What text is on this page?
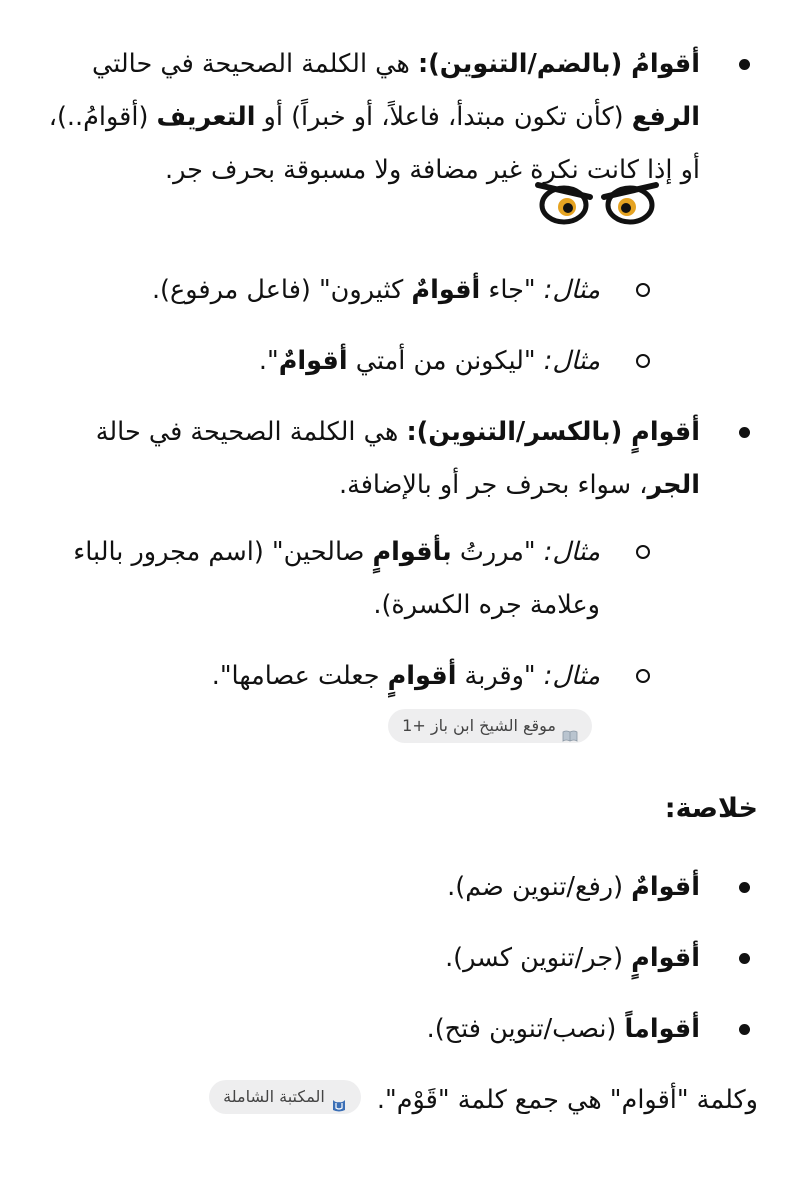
أقوامُ (بالضم/التنوين): هي الكلمة الصحيحة في حالتي الرفع (كأن تكون مبتدأ، فاعلاً، أو خبراً) أو التعريف (أقوامُ..)، أو إذا كانت نكرة غير مضافة ولا مسبوقة بحرف جر.
مثال: "جاء أقوامٌ كثيرون" (فاعل مرفوع).
مثال: "ليكونن من أمتي أقوامٌ".
أقوامٍ (بالكسر/التنوين): هي الكلمة الصحيحة في حالة الجر، سواء بحرف جر أو بالإضافة.
مثال: "مررتُ بأقوامٍ صالحين" (اسم مجرور بالباء وعلامة جره الكسرة).
مثال: "وقربة أقوامٍ جعلت عصامها".
موقع الشيخ ابن باز +1
خلاصة:
أقوامٌ (رفع/تنوين ضم).
أقوامٍ (جر/تنوين كسر).
أقواماً (نصب/تنوين فتح).
وكلمة "أقوام" هي جمع كلمة "قَوْم".
المكتبة الشاملة
